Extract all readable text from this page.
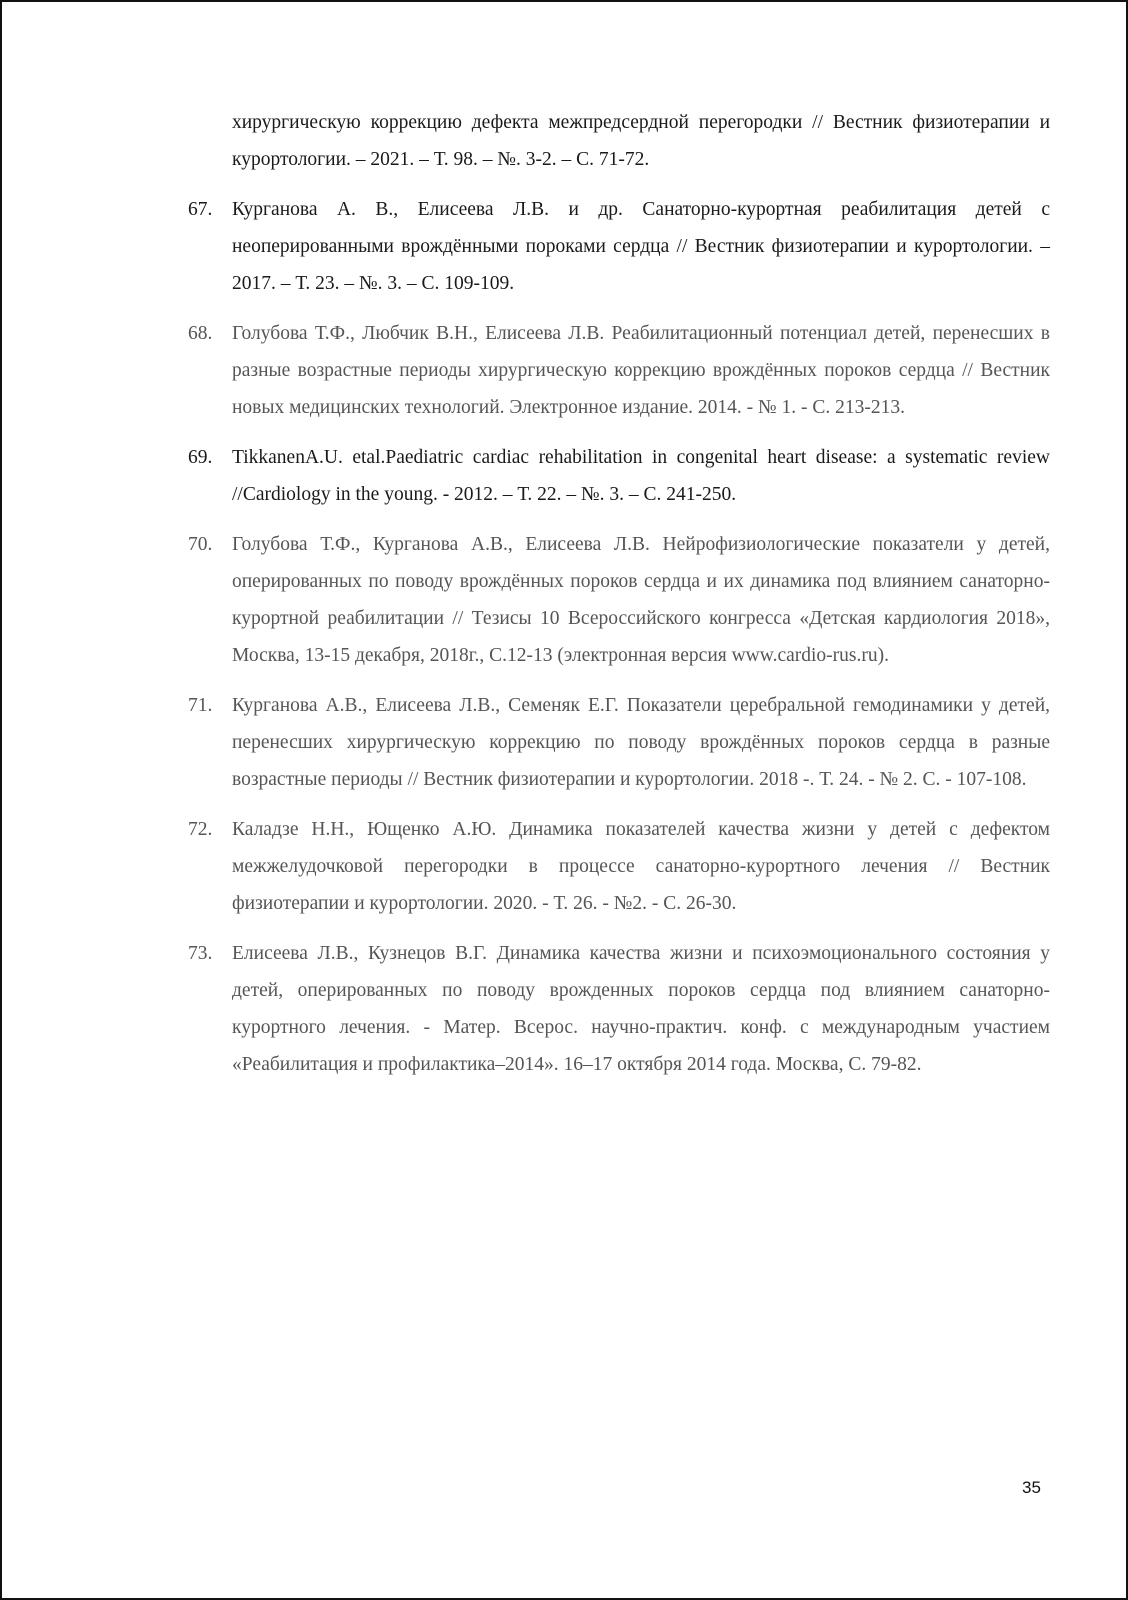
хирургическую коррекцию дефекта межпредсердной перегородки // Вестник физиотерапии и курортологии. – 2021. – Т. 98. – №. 3-2. – С. 71-72.
67. Курганова А. В., Елисеева Л.В. и др. Санаторно-курортная реабилитация детей с неоперированными врождёнными пороками сердца // Вестник физиотерапии и курортологии. – 2017. – Т. 23. – №. 3. – С. 109-109.
68. Голубова Т.Ф., Любчик В.Н., Елисеева Л.В. Реабилитационный потенциал детей, перенесших в разные возрастные периоды хирургическую коррекцию врождённых пороков сердца // Вестник новых медицинских технологий. Электронное издание. 2014. - № 1. - С. 213-213.
69. TikkanenA.U. etal.Paediatric cardiac rehabilitation in congenital heart disease: a systematic review //Cardiology in the young. - 2012. – Т. 22. – №. 3. – С. 241-250.
70. Голубова Т.Ф., Курганова А.В., Елисеева Л.В. Нейрофизиологические показатели у детей, оперированных по поводу врождённых пороков сердца и их динамика под влиянием санаторно-курортной реабилитации // Тезисы 10 Всероссийского конгресса «Детская кардиология 2018», Москва, 13-15 декабря, 2018г., С.12-13 (электронная версия www.cardio-rus.ru).
71. Курганова А.В., Елисеева Л.В., Семеняк Е.Г. Показатели церебральной гемодинамики у детей, перенесших хирургическую коррекцию по поводу врождённых пороков сердца в разные возрастные периоды // Вестник физиотерапии и курортологии. 2018 -. Т. 24. - № 2. С. - 107-108.
72. Каладзе Н.Н., Ющенко А.Ю. Динамика показателей качества жизни у детей с дефектом межжелудочковой перегородки в процессе санаторно-курортного лечения // Вестник физиотерапии и курортологии. 2020. - Т. 26. - №2. - С. 26-30.
73. Елисеева Л.В., Кузнецов В.Г. Динамика качества жизни и психоэмоционального состояния у детей, оперированных по поводу врожденных пороков сердца под влиянием санаторно-курортного лечения. - Матер. Всерос. научно-практич. конф. с международным участием «Реабилитация и профилактика–2014». 16–17 октября 2014 года. Москва, С. 79-82.
35
